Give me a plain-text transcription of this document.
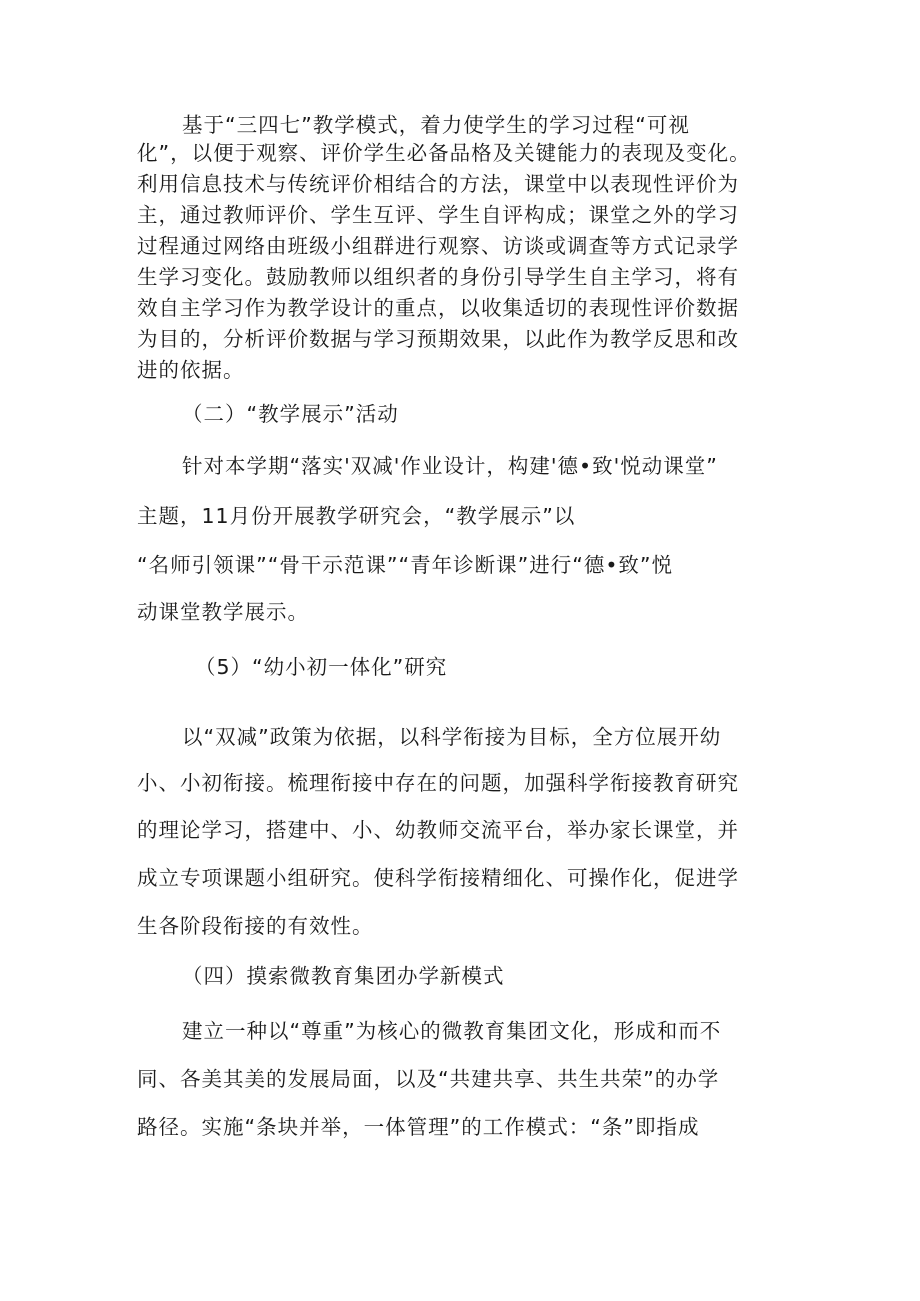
基于“三四七”教学模式，着力使学生的学习过程“可视
化”，以便于观察、评价学生必备品格及关键能力的表现及变化。
利用信息技术与传统评价相结合的方法，课堂中以表现性评价为
主，通过教师评价、学生互评、学生自评构成；课堂之外的学习
过程通过网络由班级小组群进行观察、访谈或调查等方式记录学
生学习变化。鼓励教师以组织者的身份引导学生自主学习，将有
效自主学习作为教学设计的重点，以收集适切的表现性评价数据
为目的，分析评价数据与学习预期效果，以此作为教学反思和改
进的依据。
（二）“教学展示”活动
针对本学期“落实'双减'作业设计，构建'德•致'悦动课堂”
主题，11月份开展教学研究会，“教学展示”以
“名师引领课”“骨干示范课”“青年诊断课”进行“德•致”悦
动课堂教学展示。
（5）“幼小初一体化”研究
以“双减”政策为依据，以科学衔接为目标，全方位展开幼
小、小初衔接。梳理衔接中存在的问题，加强科学衔接教育研究
的理论学习，搭建中、小、幼教师交流平台，举办家长课堂，并
成立专项课题小组研究。使科学衔接精细化、可操作化，促进学
生各阶段衔接的有效性。
（四）摸索微教育集团办学新模式
建立一种以“尊重”为核心的微教育集团文化，形成和而不
同、各美其美的发展局面，以及“共建共享、共生共荣”的办学
路径。实施“条块并举，一体管理”的工作模式：“条”即指成
